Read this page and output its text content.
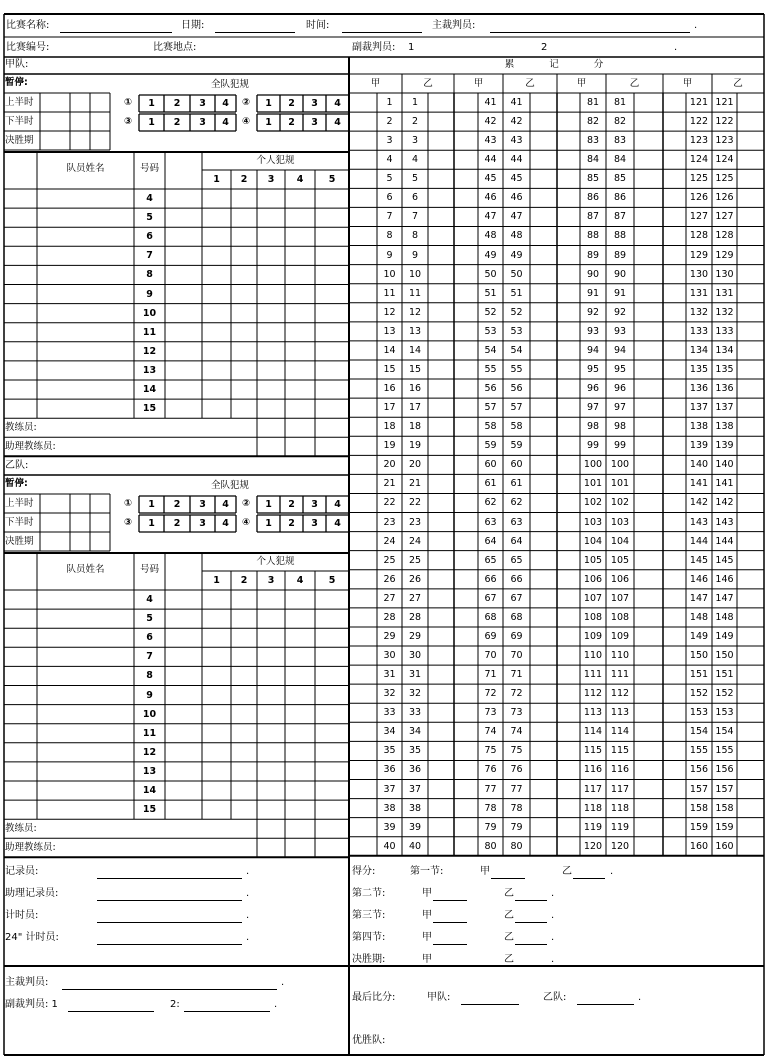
比赛名称:	日期:	时间:	主裁判员:	.
比赛编号:	比赛地点:	副裁判员: 1	2	.
甲队:
乙队:
累 记 分
记录员:	.
助理记录员:	.
计时员:	.
24" 计时员:	.
得分:	第一节:	甲	乙	.
第二节:	甲	乙	.
第三节:	甲	乙	.
第四节:	甲	乙	.
决胜期:	甲	乙	.
主裁判员:	.
副裁判员: 1	2:	.
最后比分:	甲队:	乙队:	.
优胜队:
暂停:	全队犯规
上半时
下半时
决胜期
①	②
1	1
2	2
3	3
4	4
③	④
1	1
2	2
3	3
4	4
队员姓名	号码
个人犯规
1	2	3	4	5
4
5
6
7
8
9
10
11
12
13
14
15
教练员:
助理教练员:
暂停:	全队犯规
上半时
下半时
决胜期
①	②
1	1
2	2
3	3
4	4
③	④
1	1
2	2
3	3
4	4
队员姓名	号码
个人犯规
1	2	3	4	5
4
5
6
7
8
9
10
11
12
13
14
15
教练员:
助理教练员:
甲	乙	甲	乙	甲	乙	甲	乙
1	1	41	41	81	81	121 121
2	2	42	42	82	82	122 122
3	3	43	43	83	83	123 123
4	4	44	44	84	84	124 124
5	5	45	45	85	85	125 125
6	6	46	46	86	86	126 126
7	7	47	47	87	87	127 127
8	8	48	48	88	88	128 128
9	9	49	49	89	89	129 129
10	10	50	50	90	90	130 130
11	11	51	51	91	91	131 131
12	12	52	52	92	92	132 132
13	13	53	53	93	93	133 133
14	14	54	54	94	94	134 134
15	15	55	55	95	95	135 135
16	16	56	56	96	96	136 136
17	17	57	57	97	97	137 137
18	18	58	58	98	98	138 138
19	19	59	59	99	99	139 139
20	20	60	60	100 100	140 140
21	21	61	61	101 101	141 141
22	22	62	62	102 102	142 142
23	23	63	63	103 103	143 143
24	24	64	64	104 104	144 144
25	25	65	65	105 105	145 145
26	26	66	66	106 106	146 146
27	27	67	67	107 107	147 147
28	28	68	68	108 108	148 148
29	29	69	69	109 109	149 149
30	30	70	70	110 110	150 150
31	31	71	71	111 111	151 151
32	32	72	72	112 112	152 152
33	33	73	73	113 113	153 153
34	34	74	74	114 114	154 154
35	35	75	75	115 115	155 155
36	36	76	76	116 116	156 156
37	37	77	77	117 117	157 157
38	38	78	78	118 118	158 158
39	39	79	79	119 119	159 159
40	40	80	80	120 120	160 160
